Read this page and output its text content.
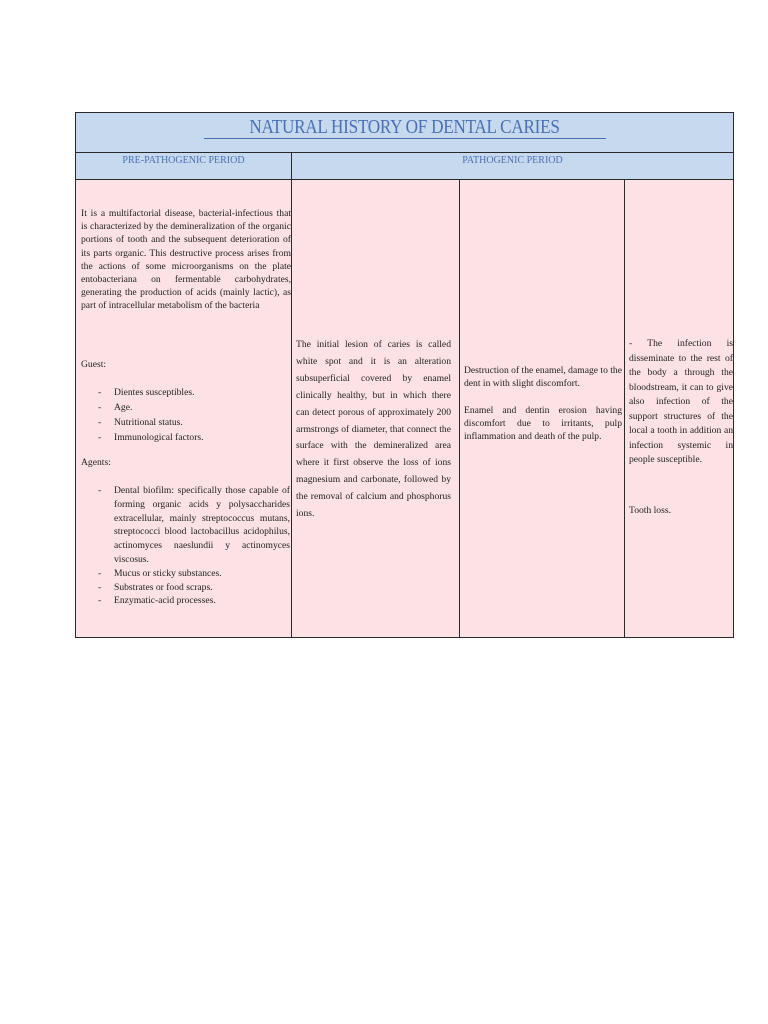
NATURAL HISTORY OF DENTAL CARIES
PRE-PATHOGENIC PERIOD	PATHOGENIC PERIOD
It is a multifactorial disease, bacterial-infectious that is characterized by the demineralization of the organic portions of tooth and the subsequent deterioration of its parts organic. This destructive process arises from the actions of some microorganisms on the plate entobacteriana on fermentable carbohydrates, generating the production of acids (mainly lactic), as part of intracellular metabolism of the bacteria
Guest:
- Dientes susceptibles.
- Age.
- Nutritional status.
- Immunological factors.
Agents:
- Dental biofilm: specifically those capable of forming organic acids y polysaccharides extracellular, mainly streptococcus mutans, streptococci blood lactobacillus acidophilus, actinomyces naeslundii y actinomyces viscosus.
- Mucus or sticky substances.
- Substrates or food scraps.
- Enzymatic-acid processes.
The initial lesion of caries is called white spot and it is an alteration subsuperficial covered by enamel clinically healthy, but in which there can detect porous of approximately 200 armstrongs of diameter, that connect the surface with the demineralized area where it first observe the loss of ions magnesium and carbonate, followed by the removal of calcium and phosphorus ions.
Destruction of the enamel, damage to the dent in with slight discomfort.
Enamel and dentin erosion having discomfort due to irritants, pulp inflammation and death of the pulp.
- The infection is disseminate to the rest of the body a through the bloodstream, it can to give also infection of the support structures of the local a tooth in addition an infection systemic in people susceptible.
Tooth loss.
